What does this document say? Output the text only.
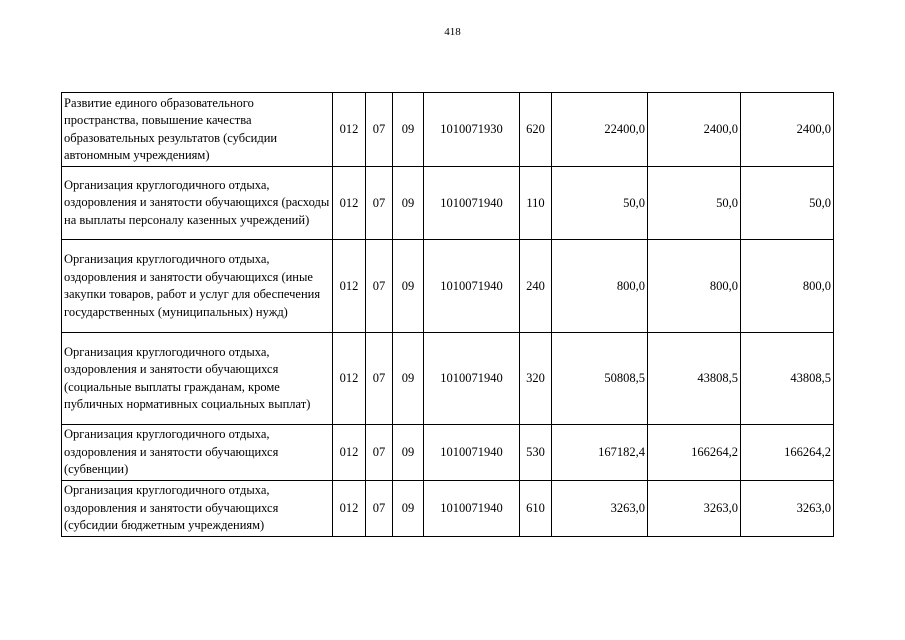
418
Развитие единого образовательного пространства, повышение качества образовательных результатов (субсидии автономным учреждениям)	012	07	09	1010071930	620	22400,0	2400,0	2400,0
Организация круглогодичного отдыха, оздоровления и занятости обучающихся (расходы на выплаты персоналу казенных учреждений)	012	07	09	1010071940	110	50,0	50,0	50,0
Организация круглогодичного отдыха, оздоровления и занятости обучающихся (иные закупки товаров, работ и услуг для обеспечения государственных (муниципальных) нужд)	012	07	09	1010071940	240	800,0	800,0	800,0
Организация круглогодичного отдыха, оздоровления и занятости обучающихся (социальные выплаты гражданам, кроме публичных нормативных социальных выплат)	012	07	09	1010071940	320	50808,5	43808,5	43808,5
Организация круглогодичного отдыха, оздоровления и занятости обучающихся (субвенции)	012	07	09	1010071940	530	167182,4	166264,2	166264,2
Организация круглогодичного отдыха, оздоровления и занятости обучающихся (субсидии бюджетным учреждениям)	012	07	09	1010071940	610	3263,0	3263,0	3263,0
